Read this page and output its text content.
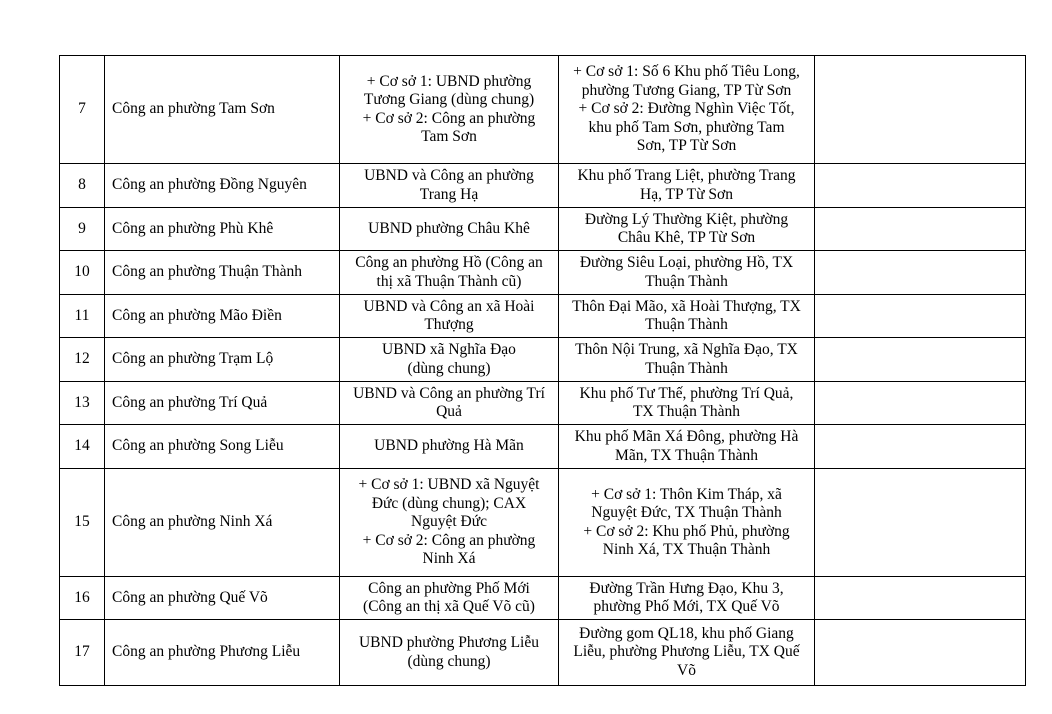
7	Công an phường Tam Sơn	+ Cơ sở 1: UBND phường
Tương Giang (dùng chung)
+ Cơ sở 2: Công an phường
Tam Sơn	+ Cơ sở 1: Số 6 Khu phố Tiêu Long,
phường Tương Giang, TP Từ Sơn
+ Cơ sở 2: Đường Nghìn Việc Tốt,
khu phố Tam Sơn, phường Tam
Sơn, TP Từ Sơn	

8	Công an phường Đồng Nguyên	UBND và Công an phường
Trang Hạ	Khu phố Trang Liệt, phường Trang
Hạ, TP Từ Sơn	

9	Công an phường Phù Khê	UBND phường Châu Khê	Đường Lý Thường Kiệt, phường
Châu Khê, TP Từ Sơn	

10	Công an phường Thuận Thành	Công an phường Hồ (Công an
thị xã Thuận Thành cũ)	Đường Siêu Loại, phường Hồ, TX
Thuận Thành	

11	Công an phường Mão Điền	UBND và Công an xã Hoài
Thượng	Thôn Đại Mão, xã Hoài Thượng, TX
Thuận Thành	

12	Công an phường Trạm Lộ	UBND xã Nghĩa Đạo
(dùng chung)	Thôn Nội Trung, xã Nghĩa Đạo, TX
Thuận Thành	

13	Công an phường Trí Quả	UBND và Công an phường Trí
Quả	Khu phố Tư Thế, phường Trí Quả,
TX Thuận Thành	

14	Công an phường Song Liễu	UBND phường Hà Mãn	Khu phố Mãn Xá Đông, phường Hà
Mãn, TX Thuận Thành	

15	Công an phường Ninh Xá	+ Cơ sở 1: UBND xã Nguyệt
Đức (dùng chung); CAX
Nguyệt Đức
+ Cơ sở 2: Công an phường
Ninh Xá	+ Cơ sở 1: Thôn Kim Tháp, xã
Nguyệt Đức, TX Thuận Thành
+ Cơ sở 2: Khu phố Phủ, phường
Ninh Xá, TX Thuận Thành	

16	Công an phường Quế Võ	Công an phường Phố Mới
(Công an thị xã Quế Võ cũ)	Đường Trần Hưng Đạo, Khu 3,
phường Phố Mới, TX Quế Võ	

17	Công an phường Phương Liễu	UBND phường Phương Liễu
(dùng chung)	Đường gom QL18, khu phố Giang
Liễu, phường Phương Liễu, TX Quế
Võ	
